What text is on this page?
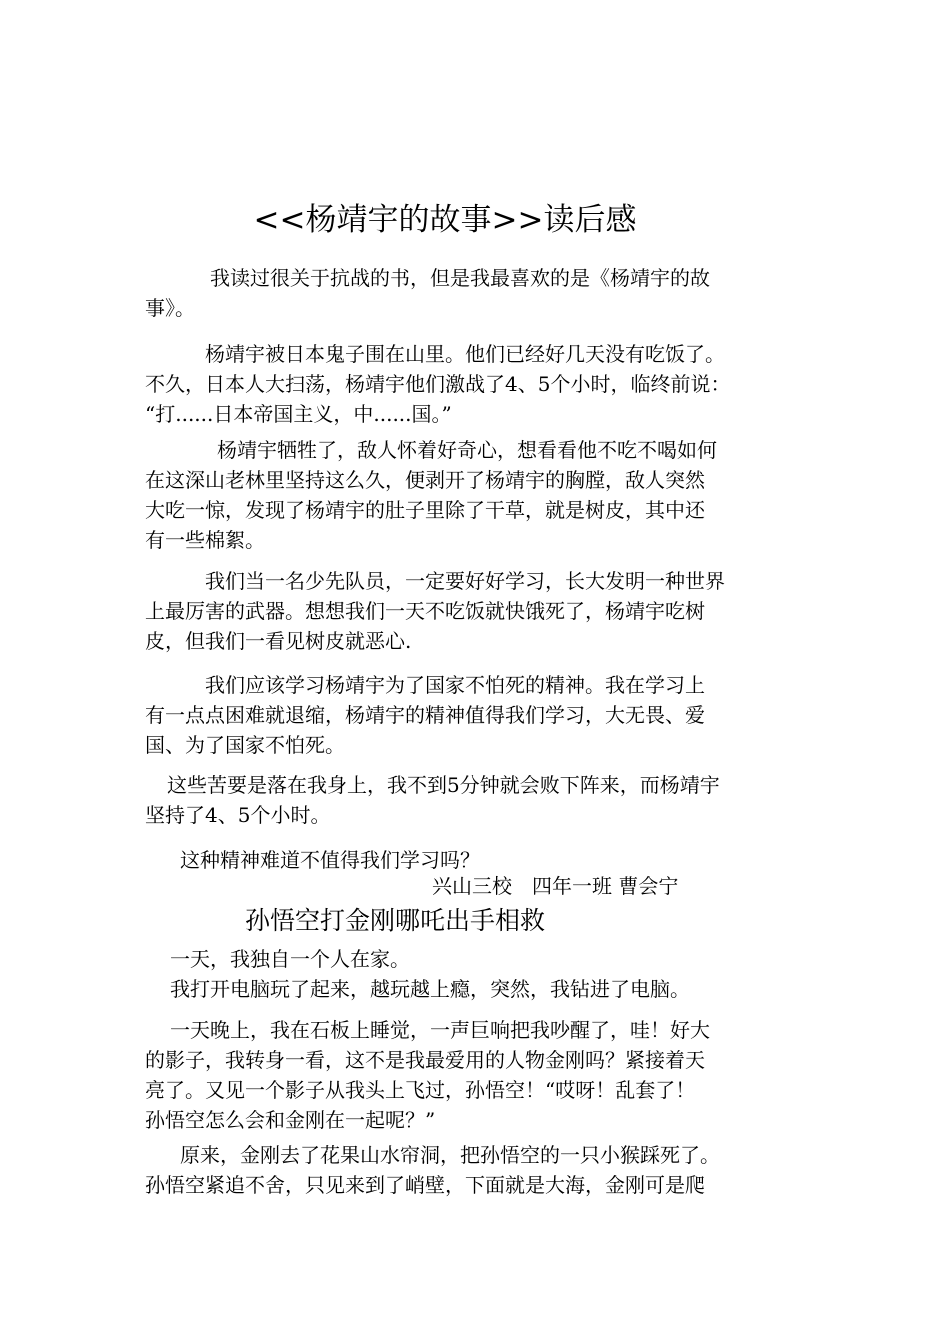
<<杨靖宇的故事>>读后感
我读过很关于抗战的书，但是我最喜欢的是《杨靖宇的故
事》。
杨靖宇被日本鬼子围在山里。他们已经好几天没有吃饭了。
不久，日本人大扫荡，杨靖宇他们激战了4、5个小时，临终前说：
“打......日本帝国主义，中......国。”
杨靖宇牺牲了，敌人怀着好奇心，想看看他不吃不喝如何
在这深山老林里坚持这么久，便剥开了杨靖宇的胸膛，敌人突然
大吃一惊，发现了杨靖宇的肚子里除了干草，就是树皮，其中还
有一些棉絮。
我们当一名少先队员，一定要好好学习，长大发明一种世界
上最厉害的武器。想想我们一天不吃饭就快饿死了，杨靖宇吃树
皮，但我们一看见树皮就恶心.
我们应该学习杨靖宇为了国家不怕死的精神。我在学习上
有一点点困难就退缩，杨靖宇的精神值得我们学习，大无畏、爱
国、为了国家不怕死。
这些苦要是落在我身上，我不到5分钟就会败下阵来，而杨靖宇
坚持了4、5个小时。
这种精神难道不值得我们学习吗？
兴山三校　四年一班 曹会宁
孙悟空打金刚哪吒出手相救
一天，我独自一个人在家。
我打开电脑玩了起来，越玩越上瘾，突然，我钻进了电脑。
一天晚上，我在石板上睡觉，一声巨响把我吵醒了，哇！好大
的影子，我转身一看，这不是我最爱用的人物金刚吗？紧接着天
亮了。又见一个影子从我头上飞过，孙悟空！“哎呀！乱套了！
孙悟空怎么会和金刚在一起呢？”
原来，金刚去了花果山水帘洞，把孙悟空的一只小猴踩死了。
孙悟空紧追不舍，只见来到了峭壁，下面就是大海，金刚可是爬
